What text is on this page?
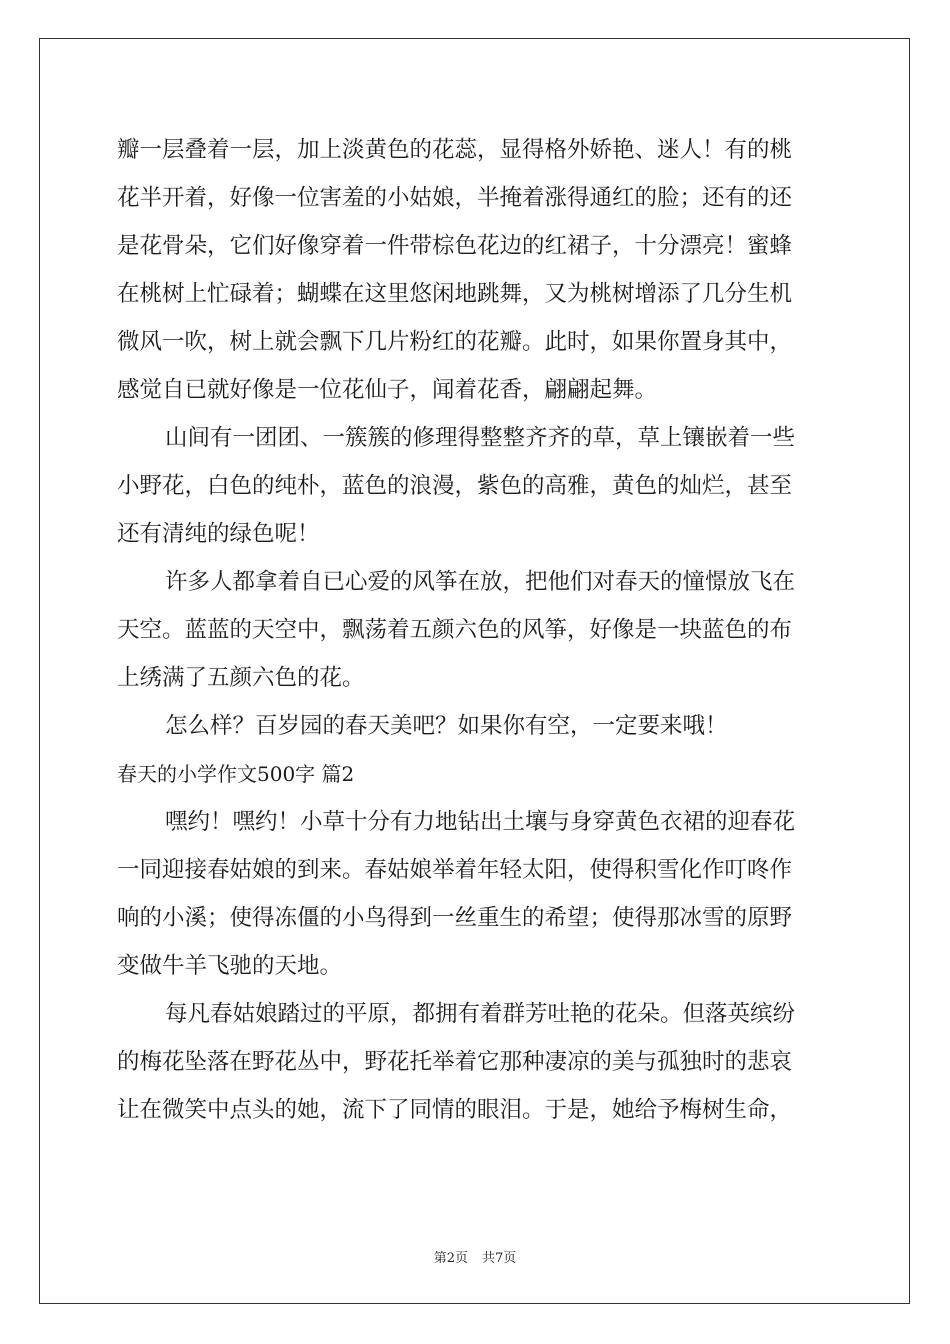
瓣一层叠着一层，加上淡黄色的花蕊，显得格外娇艳、迷人！有的桃
花半开着，好像一位害羞的小姑娘，半掩着涨得通红的脸；还有的还
是花骨朵，它们好像穿着一件带棕色花边的红裙子，十分漂亮！蜜蜂
在桃树上忙碌着；蝴蝶在这里悠闲地跳舞，又为桃树增添了几分生机
微风一吹，树上就会飘下几片粉红的花瓣。此时，如果你置身其中，
感觉自已就好像是一位花仙子，闻着花香，翩翩起舞。
山间有一团团、一簇簇的修理得整整齐齐的草，草上镶嵌着一些
小野花，白色的纯朴，蓝色的浪漫，紫色的高雅，黄色的灿烂，甚至
还有清纯的绿色呢！
许多人都拿着自已心爱的风筝在放，把他们对春天的憧憬放飞在
天空。蓝蓝的天空中，飘荡着五颜六色的风筝，好像是一块蓝色的布
上绣满了五颜六色的花。
怎么样？百岁园的春天美吧？如果你有空，一定要来哦！
春天的小学作文500字 篇2
嘿约！嘿约！小草十分有力地钻出土壤与身穿黄色衣裙的迎春花
一同迎接春姑娘的到来。春姑娘举着年轻太阳，使得积雪化作叮咚作
响的小溪；使得冻僵的小鸟得到一丝重生的希望；使得那冰雪的原野
变做牛羊飞驰的天地。
每凡春姑娘踏过的平原，都拥有着群芳吐艳的花朵。但落英缤纷
的梅花坠落在野花丛中，野花托举着它那种凄凉的美与孤独时的悲哀
让在微笑中点头的她，流下了同情的眼泪。于是，她给予梅树生命，
第2页 共7页
